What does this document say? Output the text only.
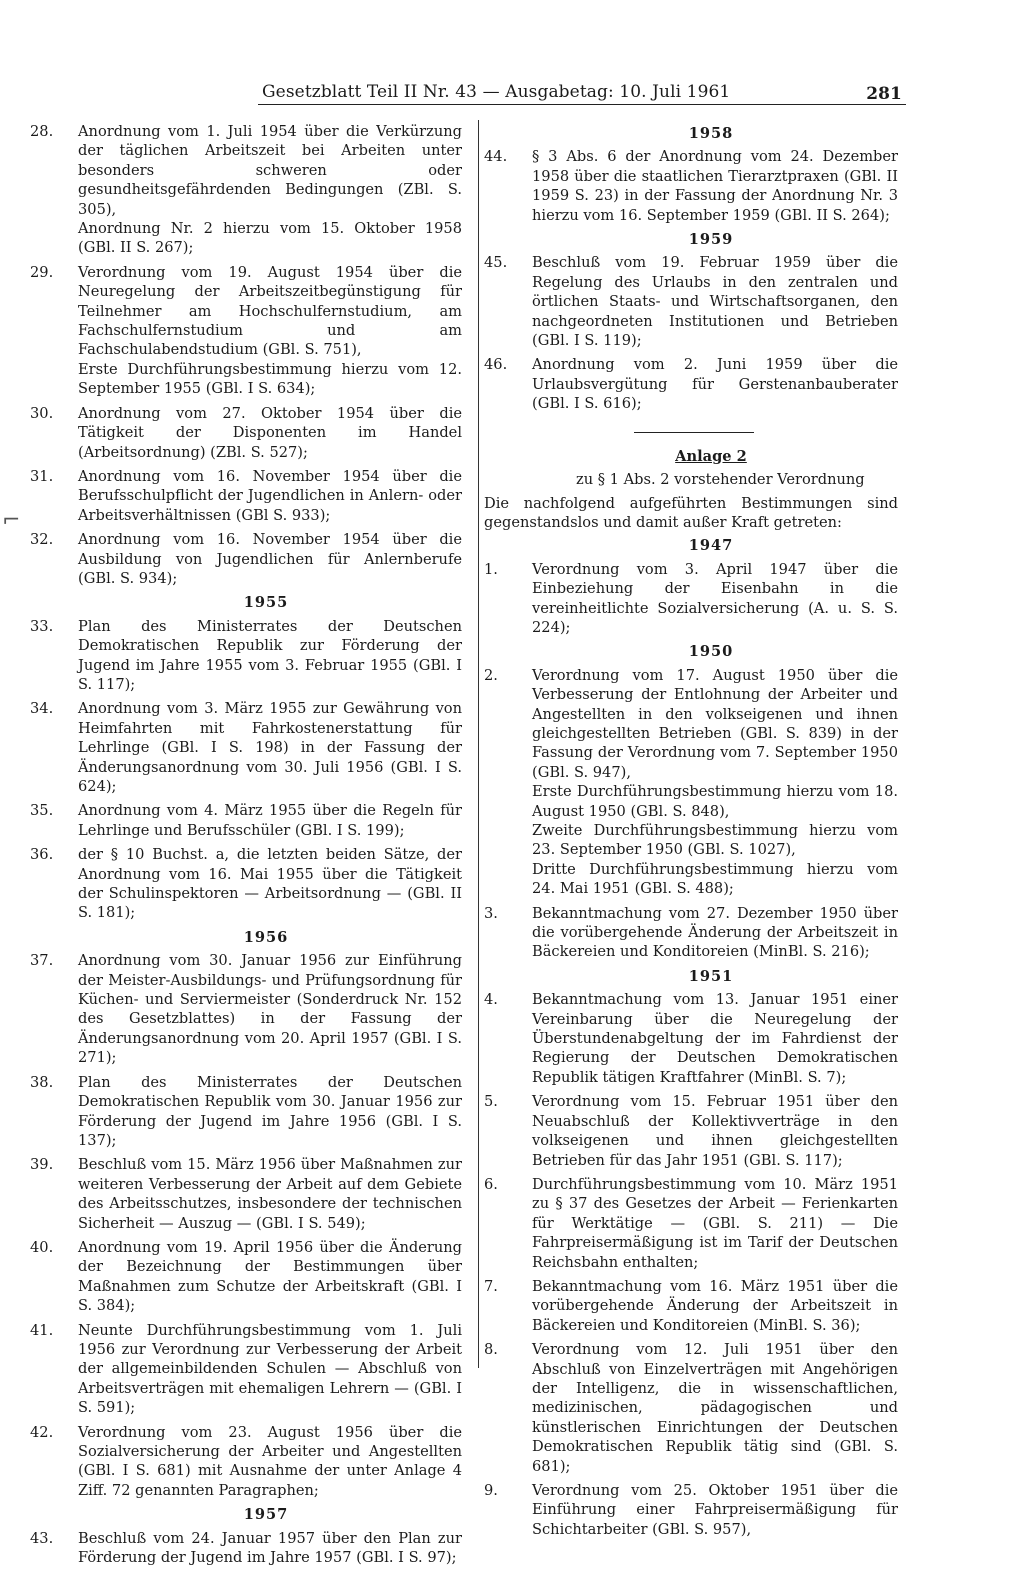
Gesetzblatt Teil II Nr. 43 — Ausgabetag: 10. Juli 1961	281
⌐
28. Anordnung vom 1. Juli 1954 über die Verkürzung der täglichen Arbeitszeit bei Arbeiten unter besonders schweren oder gesundheitsgefährdenden Bedingungen (ZBl. S. 305),
Anordnung Nr. 2 hierzu vom 15. Oktober 1958 (GBl. II S. 267);
29. Verordnung vom 19. August 1954 über die Neuregelung der Arbeitszeitbegünstigung für Teilnehmer am Hochschulfernstudium, am Fachschulfernstudium und am Fachschulabendstudium (GBl. S. 751),
Erste Durchführungsbestimmung hierzu vom 12. September 1955 (GBl. I S. 634);
30. Anordnung vom 27. Oktober 1954 über die Tätigkeit der Disponenten im Handel (Arbeitsordnung) (ZBl. S. 527);
31. Anordnung vom 16. November 1954 über die Berufsschulpflicht der Jugendlichen in Anlern- oder Arbeitsverhältnissen (GBl S. 933);
32. Anordnung vom 16. November 1954 über die Ausbildung von Jugendlichen für Anlernberufe (GBl. S. 934);
1955
33. Plan des Ministerrates der Deutschen Demokratischen Republik zur Förderung der Jugend im Jahre 1955 vom 3. Februar 1955 (GBl. I S. 117);
34. Anordnung vom 3. März 1955 zur Gewährung von Heimfahrten mit Fahrkostenerstattung für Lehrlinge (GBl. I S. 198) in der Fassung der Änderungsanordnung vom 30. Juli 1956 (GBl. I S. 624);
35. Anordnung vom 4. März 1955 über die Regeln für Lehrlinge und Berufsschüler (GBl. I S. 199);
36. der § 10 Buchst. a, die letzten beiden Sätze, der Anordnung vom 16. Mai 1955 über die Tätigkeit der Schulinspektoren — Arbeitsordnung — (GBl. II S. 181);
1956
37. Anordnung vom 30. Januar 1956 zur Einführung der Meister-Ausbildungs- und Prüfungsordnung für Küchen- und Serviermeister (Sonderdruck Nr. 152 des Gesetzblattes) in der Fassung der Änderungsanordnung vom 20. April 1957 (GBl. I S. 271);
38. Plan des Ministerrates der Deutschen Demokratischen Republik vom 30. Januar 1956 zur Förderung der Jugend im Jahre 1956 (GBl. I S. 137);
39. Beschluß vom 15. März 1956 über Maßnahmen zur weiteren Verbesserung der Arbeit auf dem Gebiete des Arbeitsschutzes, insbesondere der technischen Sicherheit — Auszug — (GBl. I S. 549);
40. Anordnung vom 19. April 1956 über die Änderung der Bezeichnung der Bestimmungen über Maßnahmen zum Schutze der Arbeitskraft (GBl. I S. 384);
41. Neunte Durchführungsbestimmung vom 1. Juli 1956 zur Verordnung zur Verbesserung der Arbeit der allgemeinbildenden Schulen — Abschluß von Arbeitsverträgen mit ehemaligen Lehrern — (GBl. I S. 591);
42. Verordnung vom 23. August 1956 über die Sozialversicherung der Arbeiter und Angestellten (GBl. I S. 681) mit Ausnahme der unter Anlage 4 Ziff. 72 genannten Paragraphen;
1957
43. Beschluß vom 24. Januar 1957 über den Plan zur Förderung der Jugend im Jahre 1957 (GBl. I S. 97);
1958
44. § 3 Abs. 6 der Anordnung vom 24. Dezember 1958 über die staatlichen Tierarztpraxen (GBl. II 1959 S. 23) in der Fassung der Anordnung Nr. 3 hierzu vom 16. September 1959 (GBl. II S. 264);
1959
45. Beschluß vom 19. Februar 1959 über die Regelung des Urlaubs in den zentralen und örtlichen Staats- und Wirtschaftsorganen, den nachgeordneten Institutionen und Betrieben (GBl. I S. 119);
46. Anordnung vom 2. Juni 1959 über die Urlaubsvergütung für Gerstenanbauberater (GBl. I S. 616);
Anlage 2
zu § 1 Abs. 2 vorstehender Verordnung
Die nachfolgend aufgeführten Bestimmungen sind gegenstandslos und damit außer Kraft getreten:
1947
1. Verordnung vom 3. April 1947 über die Einbeziehung der Eisenbahn in die vereinheitlichte Sozialversicherung (A. u. S. S. 224);
1950
2. Verordnung vom 17. August 1950 über die Verbesserung der Entlohnung der Arbeiter und Angestellten in den volkseigenen und ihnen gleichgestellten Betrieben (GBl. S. 839) in der Fassung der Verordnung vom 7. September 1950 (GBl. S. 947),
Erste Durchführungsbestimmung hierzu vom 18. August 1950 (GBl. S. 848),
Zweite Durchführungsbestimmung hierzu vom 23. September 1950 (GBl. S. 1027),
Dritte Durchführungsbestimmung hierzu vom 24. Mai 1951 (GBl. S. 488);
3. Bekanntmachung vom 27. Dezember 1950 über die vorübergehende Änderung der Arbeitszeit in Bäckereien und Konditoreien (MinBl. S. 216);
1951
4. Bekanntmachung vom 13. Januar 1951 einer Vereinbarung über die Neuregelung der Überstundenabgeltung der im Fahrdienst der Regierung der Deutschen Demokratischen Republik tätigen Kraftfahrer (MinBl. S. 7);
5. Verordnung vom 15. Februar 1951 über den Neuabschluß der Kollektivverträge in den volkseigenen und ihnen gleichgestellten Betrieben für das Jahr 1951 (GBl. S. 117);
6. Durchführungsbestimmung vom 10. März 1951 zu § 37 des Gesetzes der Arbeit — Ferienkarten für Werktätige — (GBl. S. 211) — Die Fahrpreisermäßigung ist im Tarif der Deutschen Reichsbahn enthalten;
7. Bekanntmachung vom 16. März 1951 über die vorübergehende Änderung der Arbeitszeit in Bäckereien und Konditoreien (MinBl. S. 36);
8. Verordnung vom 12. Juli 1951 über den Abschluß von Einzelverträgen mit Angehörigen der Intelligenz, die in wissenschaftlichen, medizinischen, pädagogischen und künstlerischen Einrichtungen der Deutschen Demokratischen Republik tätig sind (GBl. S. 681);
9. Verordnung vom 25. Oktober 1951 über die Einführung einer Fahrpreisermäßigung für Schichtarbeiter (GBl. S. 957),
